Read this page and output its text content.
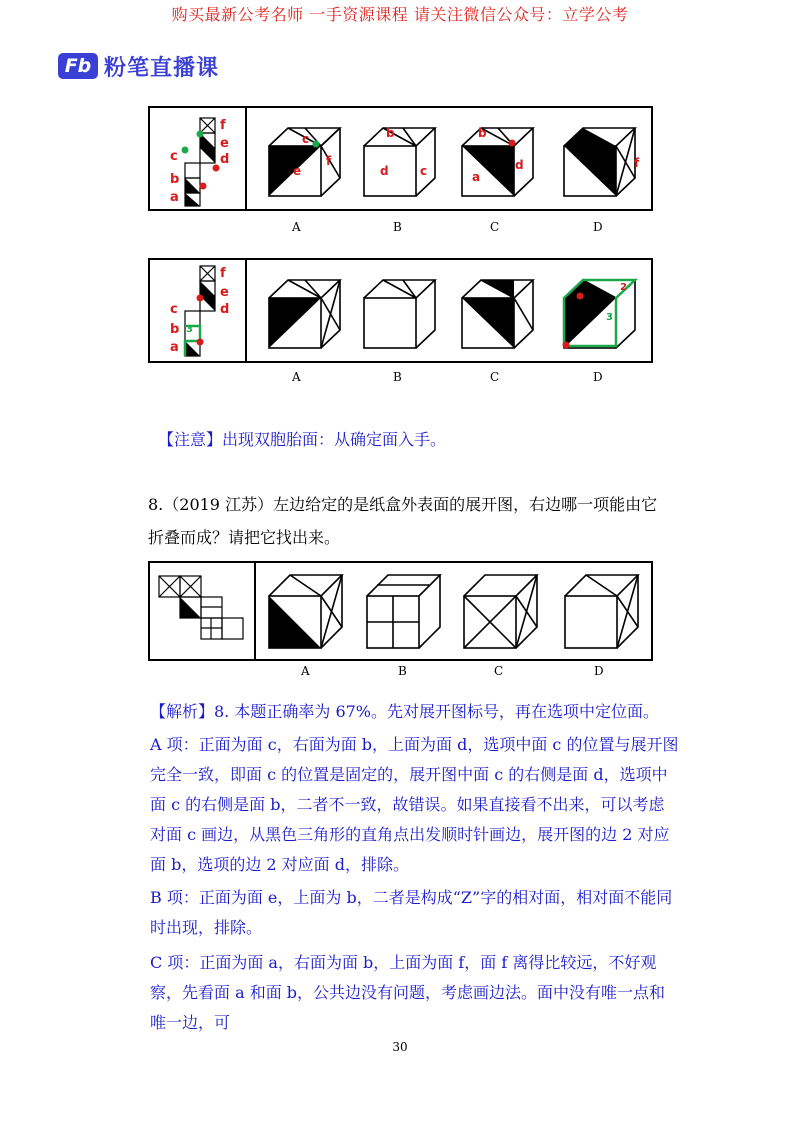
购买最新公考名师 一手资源课程 请关注微信公众号：立学公考
Fb 粉笔直播课
A	B	C	D
f
e
d
c
b
a
c
e
f
b
d	c
b
a
d	f
A	B	C	D
f
e
d
c
b
a
3
2
3
【注意】出现双胞胎面：从确定面入手。
8.（2019 江苏）左边给定的是纸盒外表面的展开图，右边哪一项能由它折叠而成？请把它找出来。
A	B	C	D
【解析】8. 本题正确率为 67%。先对展开图标号，再在选项中定位面。
A 项：正面为面 c，右面为面 b，上面为面 d，选项中面 c 的位置与展开图完全一致，即面 c 的位置是固定的，展开图中面 c 的右侧是面 d，选项中面 c 的右侧是面 b，二者不一致，故错误。如果直接看不出来，可以考虑对面 c 画边，从黑色三角形的直角点出发顺时针画边，展开图的边 2 对应面 b，选项的边 2 对应面 d，排除。
B 项：正面为面 e，上面为 b，二者是构成“Z”字的相对面，相对面不能同时出现，排除。
C 项：正面为面 a，右面为面 b，上面为面 f，面 f 离得比较远，不好观察，先看面 a 和面 b，公共边没有问题，考虑画边法。面中没有唯一点和唯一边，可
30
